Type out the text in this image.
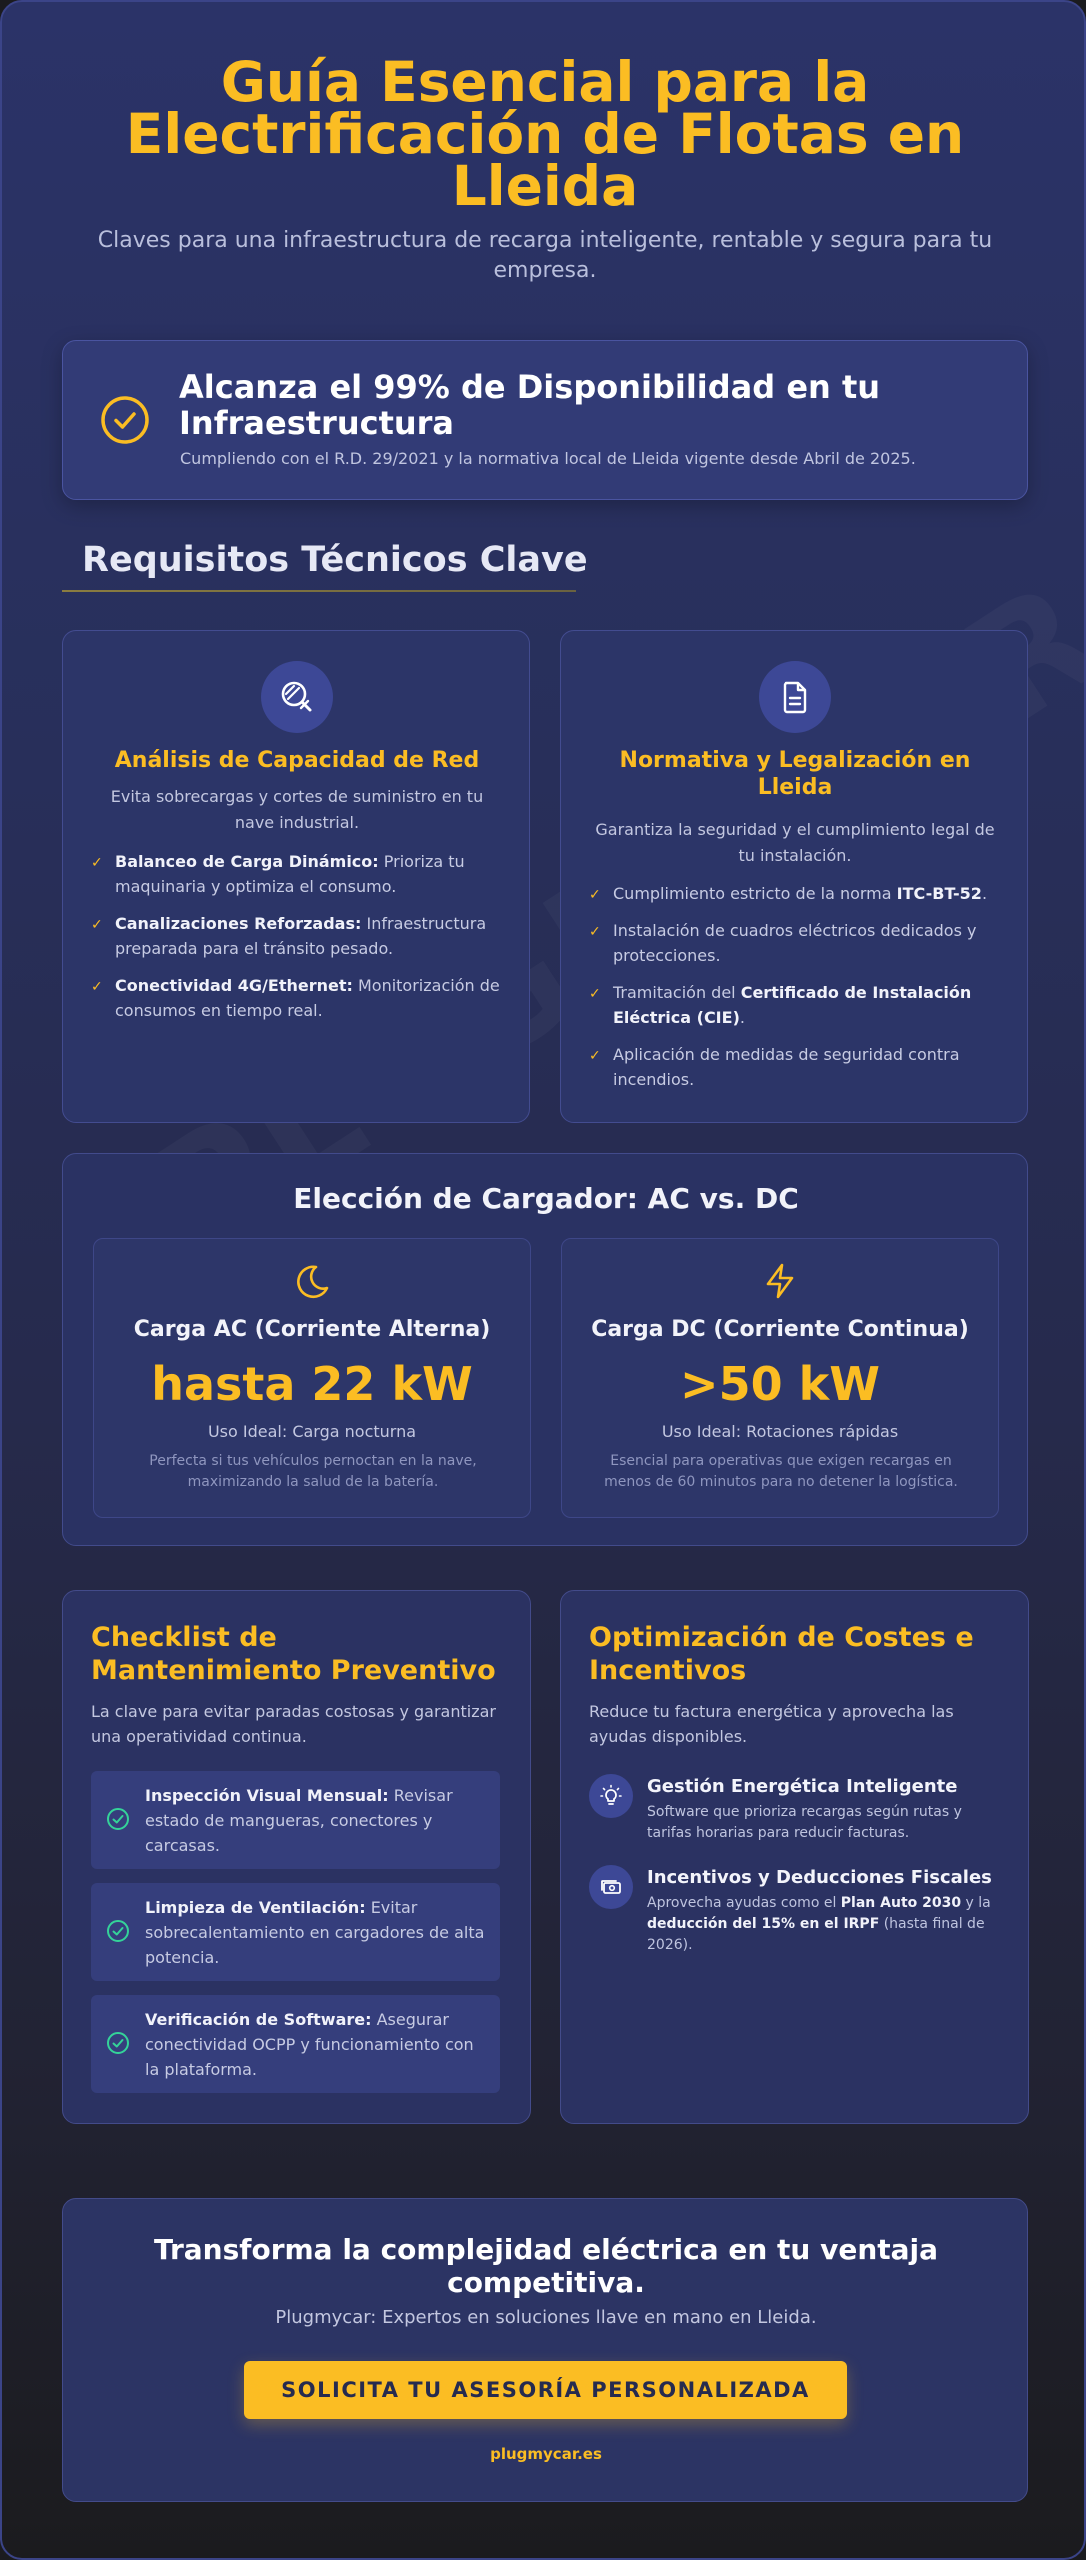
Guía Esencial para la Electrificación de Flotas en Lleida

Claves para una infraestructura de recarga inteligente, rentable y segura para tu empresa.

Alcanza el 99% de Disponibilidad en tu Infraestructura

Cumpliendo con el R.D. 29/2021 y la normativa local de Lleida vigente desde Abril de 2025.

Requisitos Técnicos Clave
Análisis de Capacidad de Red

Evita sobrecargas y cortes de suministro en tu nave industrial.

✓ Balanceo de Carga Dinámico: Prioriza tu maquinaria y optimiza el consumo.
✓ Canalizaciones Reforzadas: Infraestructura preparada para el tránsito pesado.
✓ Conectividad 4G/Ethernet: Monitorización de consumos en tiempo real.
Normativa y Legalización en Lleida

Garantiza la seguridad y el cumplimiento legal de tu instalación.

✓ Cumplimiento estricto de la norma ITC-BT-52.
✓ Instalación de cuadros eléctricos dedicados y protecciones.
✓ Tramitación del Certificado de Instalación Eléctrica (CIE).
✓ Aplicación de medidas de seguridad contra incendios.
Elección de Cargador: AC vs. DC
Carga AC (Corriente Alterna)
hasta 22 kW
Uso Ideal: Carga nocturna
Perfecta si tus vehículos pernoctan en la nave, maximizando la salud de la batería.
Carga DC (Corriente Continua)
>50 kW
Uso Ideal: Rotaciones rápidas
Esencial para operativas que exigen recargas en menos de 60 minutos para no detener la logística.
Checklist de Mantenimiento Preventivo

La clave para evitar paradas costosas y garantizar una operatividad continua.

Inspección Visual Mensual: Revisar estado de mangueras, conectores y carcasas.

Limpieza de Ventilación: Evitar sobrecalentamiento en cargadores de alta potencia.

Verificación de Software: Asegurar conectividad OCPP y funcionamiento con la plataforma.

Optimización de Costes e Incentivos

Reduce tu factura energética y aprovecha las ayudas disponibles.

Gestión Energética Inteligente

Software que prioriza recargas según rutas y tarifas horarias para reducir facturas.

Incentivos y Deducciones Fiscales

Aprovecha ayudas como el Plan Auto 2030 y la deducción del 15% en el IRPF (hasta final de 2026).

Transforma la complejidad eléctrica en tu ventaja competitiva.

Plugmycar: Expertos en soluciones llave en mano en Lleida.

SOLICITA TU ASESORÍA PERSONALIZADA
plugmycar.es
